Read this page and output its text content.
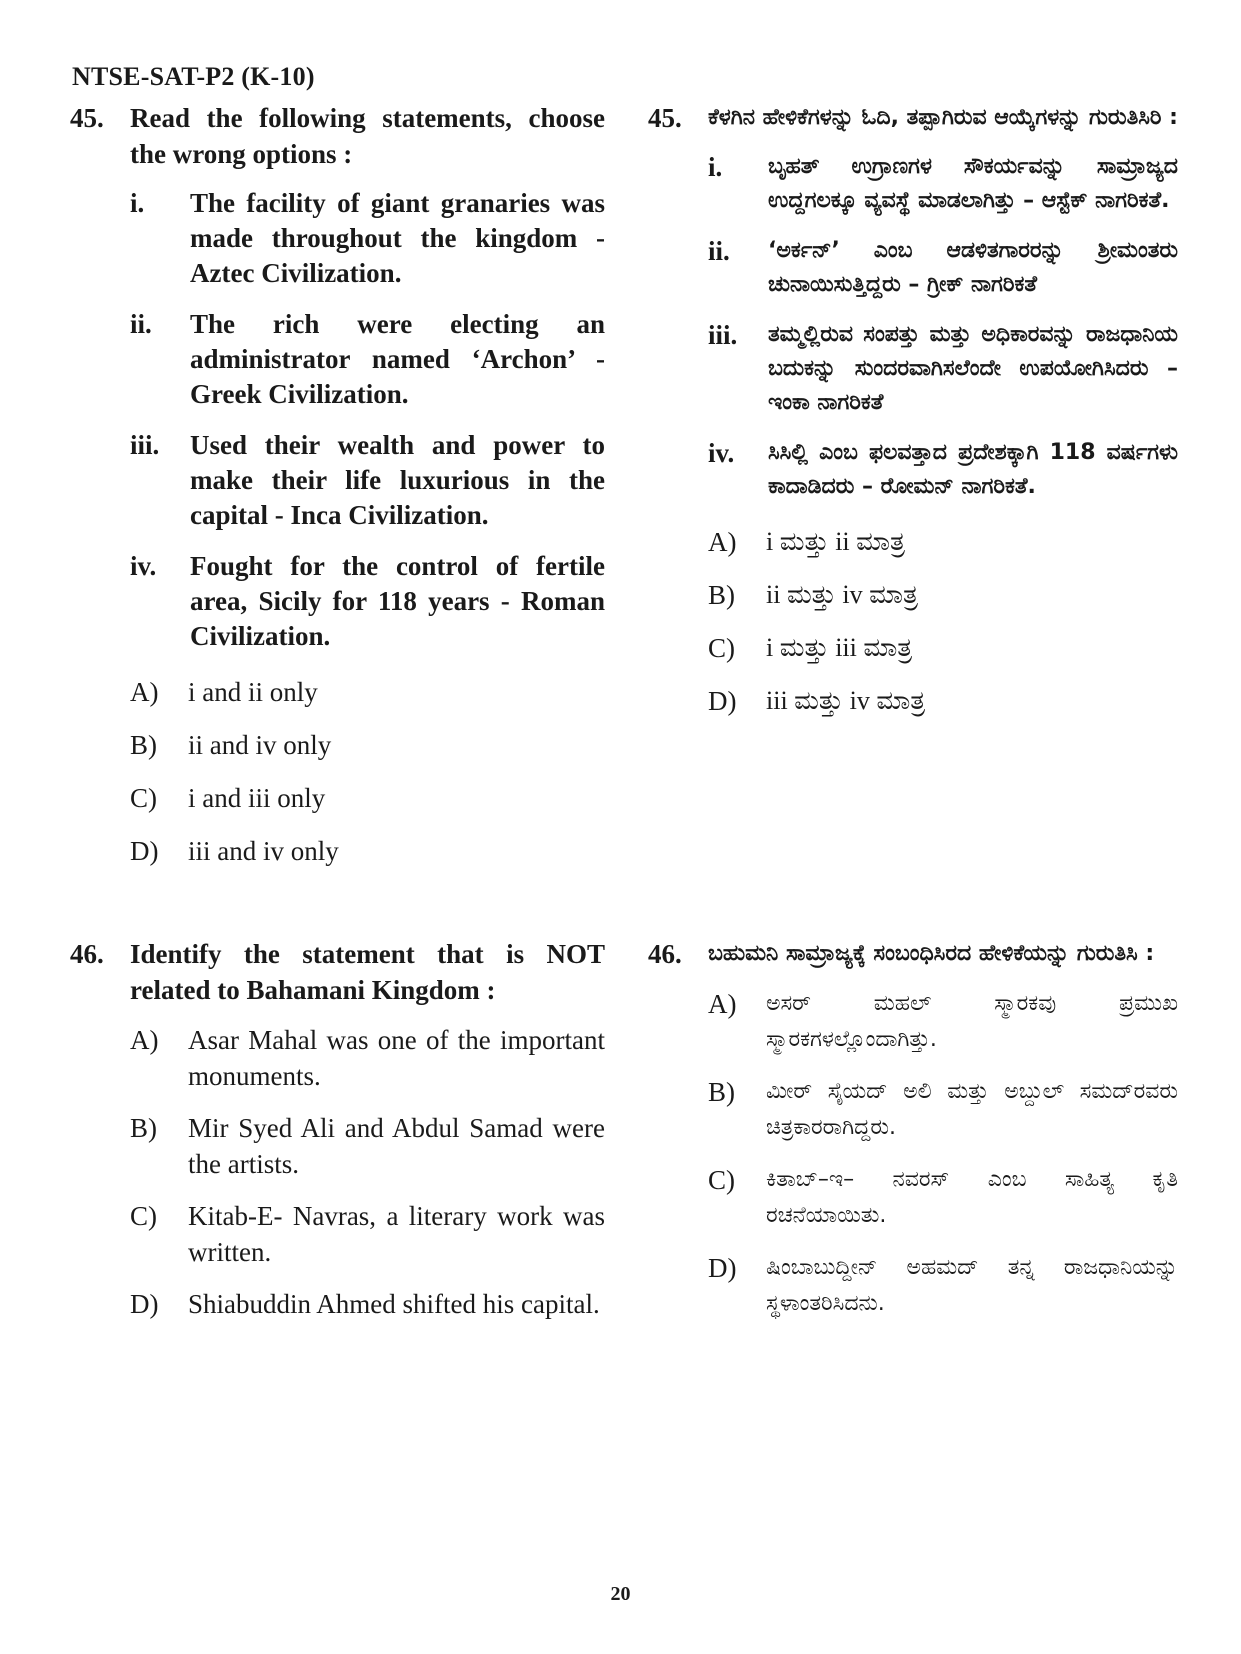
NTSE-SAT-P2 (K-10)
45. Read the following statements, choose the wrong options :
i.	The facility of giant granaries was made throughout the kingdom - Aztec Civilization.
ii.	The rich were electing an administrator named ‘Archon’ - Greek Civilization.
iii.	Used their wealth and power to make their life luxurious in the capital - Inca Civilization.
iv.	Fought for the control of fertile area, Sicily for 118 years - Roman Civilization.
A)	i and ii only
B)	ii and iv only
C)	i and iii only
D)	iii and iv only
45.	ಕೆಳಗಿನ ಹೇಳಿಕೆಗಳನ್ನು ಓದಿ, ತಪ್ಪಾಗಿರುವ ಆಯ್ಕೆಗಳನ್ನು ಗುರುತಿಸಿರಿ :
i.	ಬೃಹತ್ ಉಗ್ರಾಣಗಳ ಸೌಕರ್ಯವನ್ನು ಸಾಮ್ರಾಜ್ಯದ ಉದ್ದಗಲಕ್ಕೂ ವ್ಯವಸ್ಥೆ ಮಾಡಲಾಗಿತ್ತು – ಆಸ್ಟೆಕ್ ನಾಗರಿಕತೆ.
ii.	‘ಅರ್ಕನ್’ ಎಂಬ ಆಡಳಿತಗಾರರನ್ನು ಶ್ರೀಮಂತರು ಚುನಾಯಿಸುತ್ತಿದ್ದರು – ಗ್ರೀಕ್ ನಾಗರಿಕತೆ
iii.	ತಮ್ಮಲ್ಲಿರುವ ಸಂಪತ್ತು ಮತ್ತು ಅಧಿಕಾರವನ್ನು ರಾಜಧಾನಿಯ ಬದುಕನ್ನು ಸುಂದರವಾಗಿಸಲೆಂದೇ ಉಪಯೋಗಿಸಿದರು – ಇಂಕಾ ನಾಗರಿಕತೆ
iv.	ಸಿಸಿಲ್ಲಿ ಎಂಬ ಫಲವತ್ತಾದ ಪ್ರದೇಶಕ್ಕಾಗಿ 118 ವರ್ಷಗಳು ಕಾದಾಡಿದರು – ರೋಮನ್ ನಾಗರಿಕತೆ.
A)	i ಮತ್ತು ii ಮಾತ್ರ
B)	ii ಮತ್ತು iv ಮಾತ್ರ
C)	i ಮತ್ತು iii ಮಾತ್ರ
D)	iii ಮತ್ತು iv ಮಾತ್ರ
46. Identify the statement that is NOT related to Bahamani Kingdom :
A)	Asar Mahal was one of the important monuments.
B)	Mir Syed Ali and Abdul Samad were the artists.
C)	Kitab-E- Navras, a literary work was written.
D)	Shiabuddin Ahmed shifted his capital.
46.	ಬಹುಮನಿ ಸಾಮ್ರಾಜ್ಯಕ್ಕೆ ಸಂಬಂಧಿಸಿರದ ಹೇಳಿಕೆಯನ್ನು ಗುರುತಿಸಿ :
A)	ಅಸರ್ ಮಹಲ್ ಸ್ಮಾರಕವು ಪ್ರಮುಖ ಸ್ಮಾರಕಗಳಲ್ಲೊಂದಾಗಿತ್ತು.
B)	ಮೀರ್ ಸೈಯದ್ ಅಲಿ ಮತ್ತು ಅಬ್ದುಲ್ ಸಮದ್‌ರವರು ಚಿತ್ರಕಾರರಾಗಿದ್ದರು.
C)	ಕಿತಾಬ್–ಇ– ನವರಸ್ ಎಂಬ ಸಾಹಿತ್ಯ ಕೃತಿ ರಚನೆಯಾಯಿತು.
D)	ಷಿಂಬಾಬುದ್ದೀನ್ ಅಹಮದ್ ತನ್ನ ರಾಜಧಾನಿಯನ್ನು ಸ್ಥಳಾಂತರಿಸಿದನು.
20
